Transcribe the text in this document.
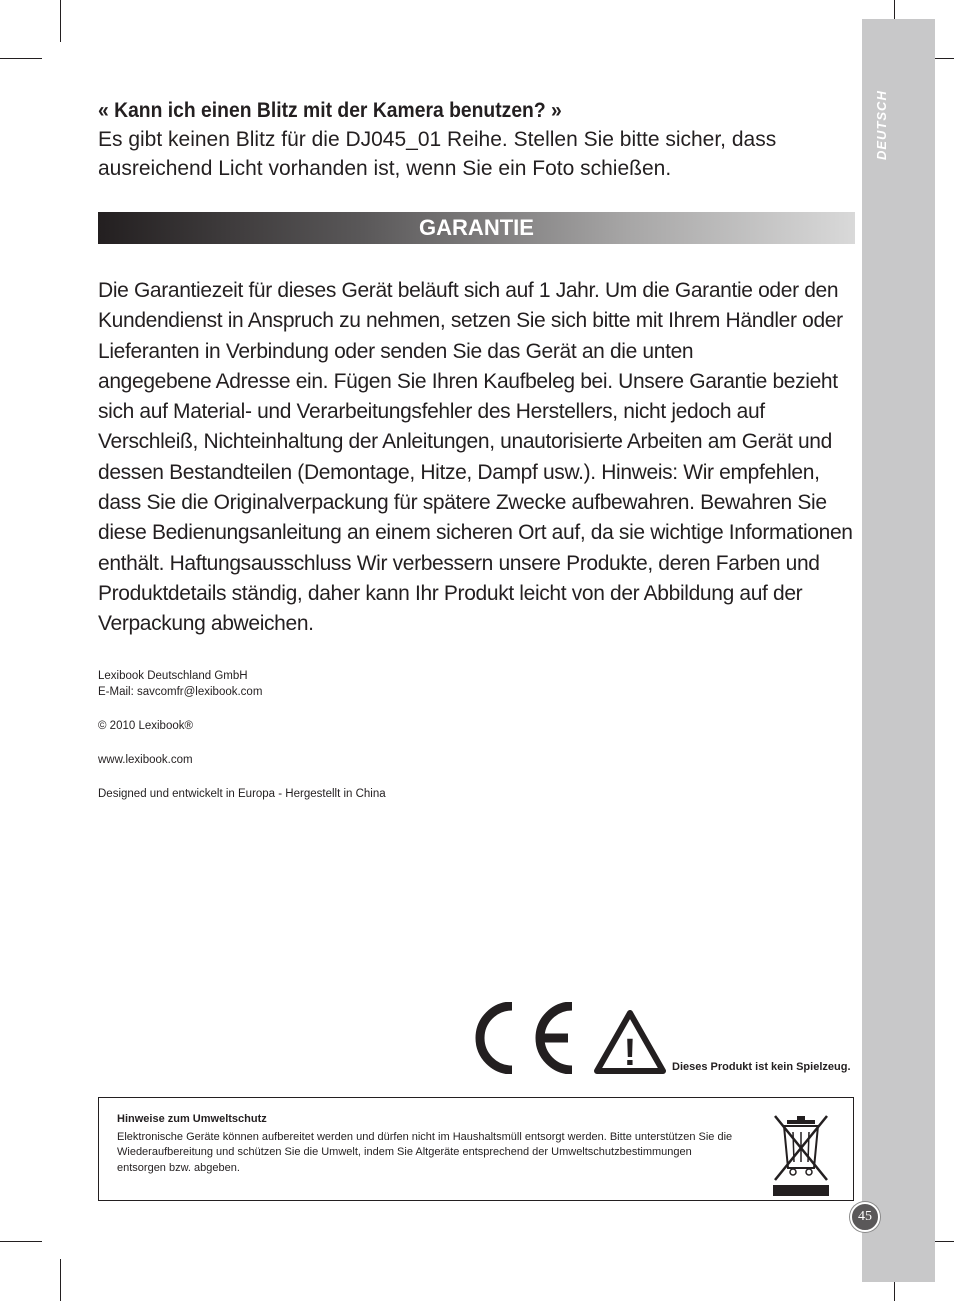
DEUTSCH
« Kann ich einen Blitz mit der Kamera benutzen? »
Es gibt keinen Blitz für die DJ045_01 Reihe. Stellen Sie bitte sicher, dass ausreichend Licht vorhanden ist, wenn Sie ein Foto schießen.
GARANTIE
Die Garantiezeit für dieses Gerät beläuft sich auf 1 Jahr. Um die Garantie oder den
Kundendienst in Anspruch zu nehmen, setzen Sie sich bitte mit Ihrem Händler oder
Lieferanten in Verbindung oder senden Sie das Gerät an die unten
angegebene Adresse ein. Fügen Sie Ihren Kaufbeleg bei. Unsere Garantie bezieht
sich auf Material- und Verarbeitungsfehler des Herstellers, nicht jedoch auf
Verschleiß, Nichteinhaltung der Anleitungen, unautorisierte Arbeiten am Gerät und
dessen Bestandteilen (Demontage, Hitze, Dampf usw.). Hinweis: Wir empfehlen,
dass Sie die Originalverpackung für spätere Zwecke aufbewahren. Bewahren Sie
diese Bedienungsanleitung an einem sicheren Ort auf, da sie wichtige Informationen
enthält. Haftungsausschluss Wir verbessern unsere Produkte, deren Farben und
Produktdetails ständig, daher kann Ihr Produkt leicht von der Abbildung auf der
Verpackung abweichen.

Lexibook Deutschland GmbH

E-Mail: savcomfr@lexibook.com

© 2010 Lexibook®

www.lexibook.com

Designed und entwickelt in Europa - Hergestellt in China

!	Dieses Produkt ist kein Spielzeug.
Hinweise zum Umweltschutz
Elektronische Geräte können aufbereitet werden und dürfen nicht im Haushaltsmüll entsorgt werden. Bitte unterstützen Sie die Wiederaufbereitung und schützen Sie die Umwelt, indem Sie Altgeräte entsprechend der Umweltschutzbestimmungen entsorgen bzw. abgeben.
45
